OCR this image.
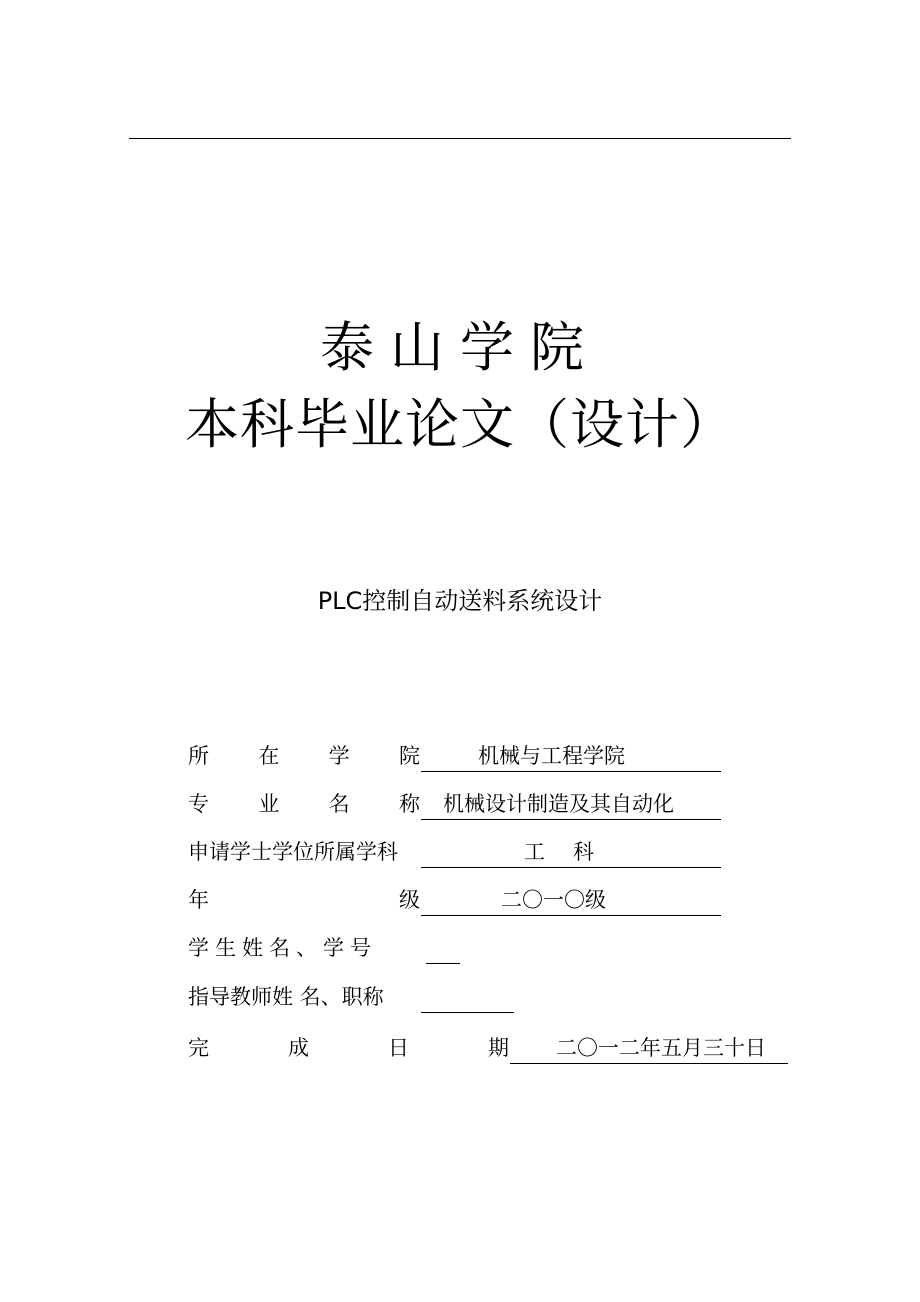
泰山学院
本科毕业论文（设计）
PLC控制自动送料系统设计
所在学院	机械与工程学院
专业名称 机械设计制造及其自动化
申请学士学位所属学科	工科
年级	二〇一〇级
学生姓名、学号
指导教师姓 名、职称
完成日期 二〇一二年五月三十日
